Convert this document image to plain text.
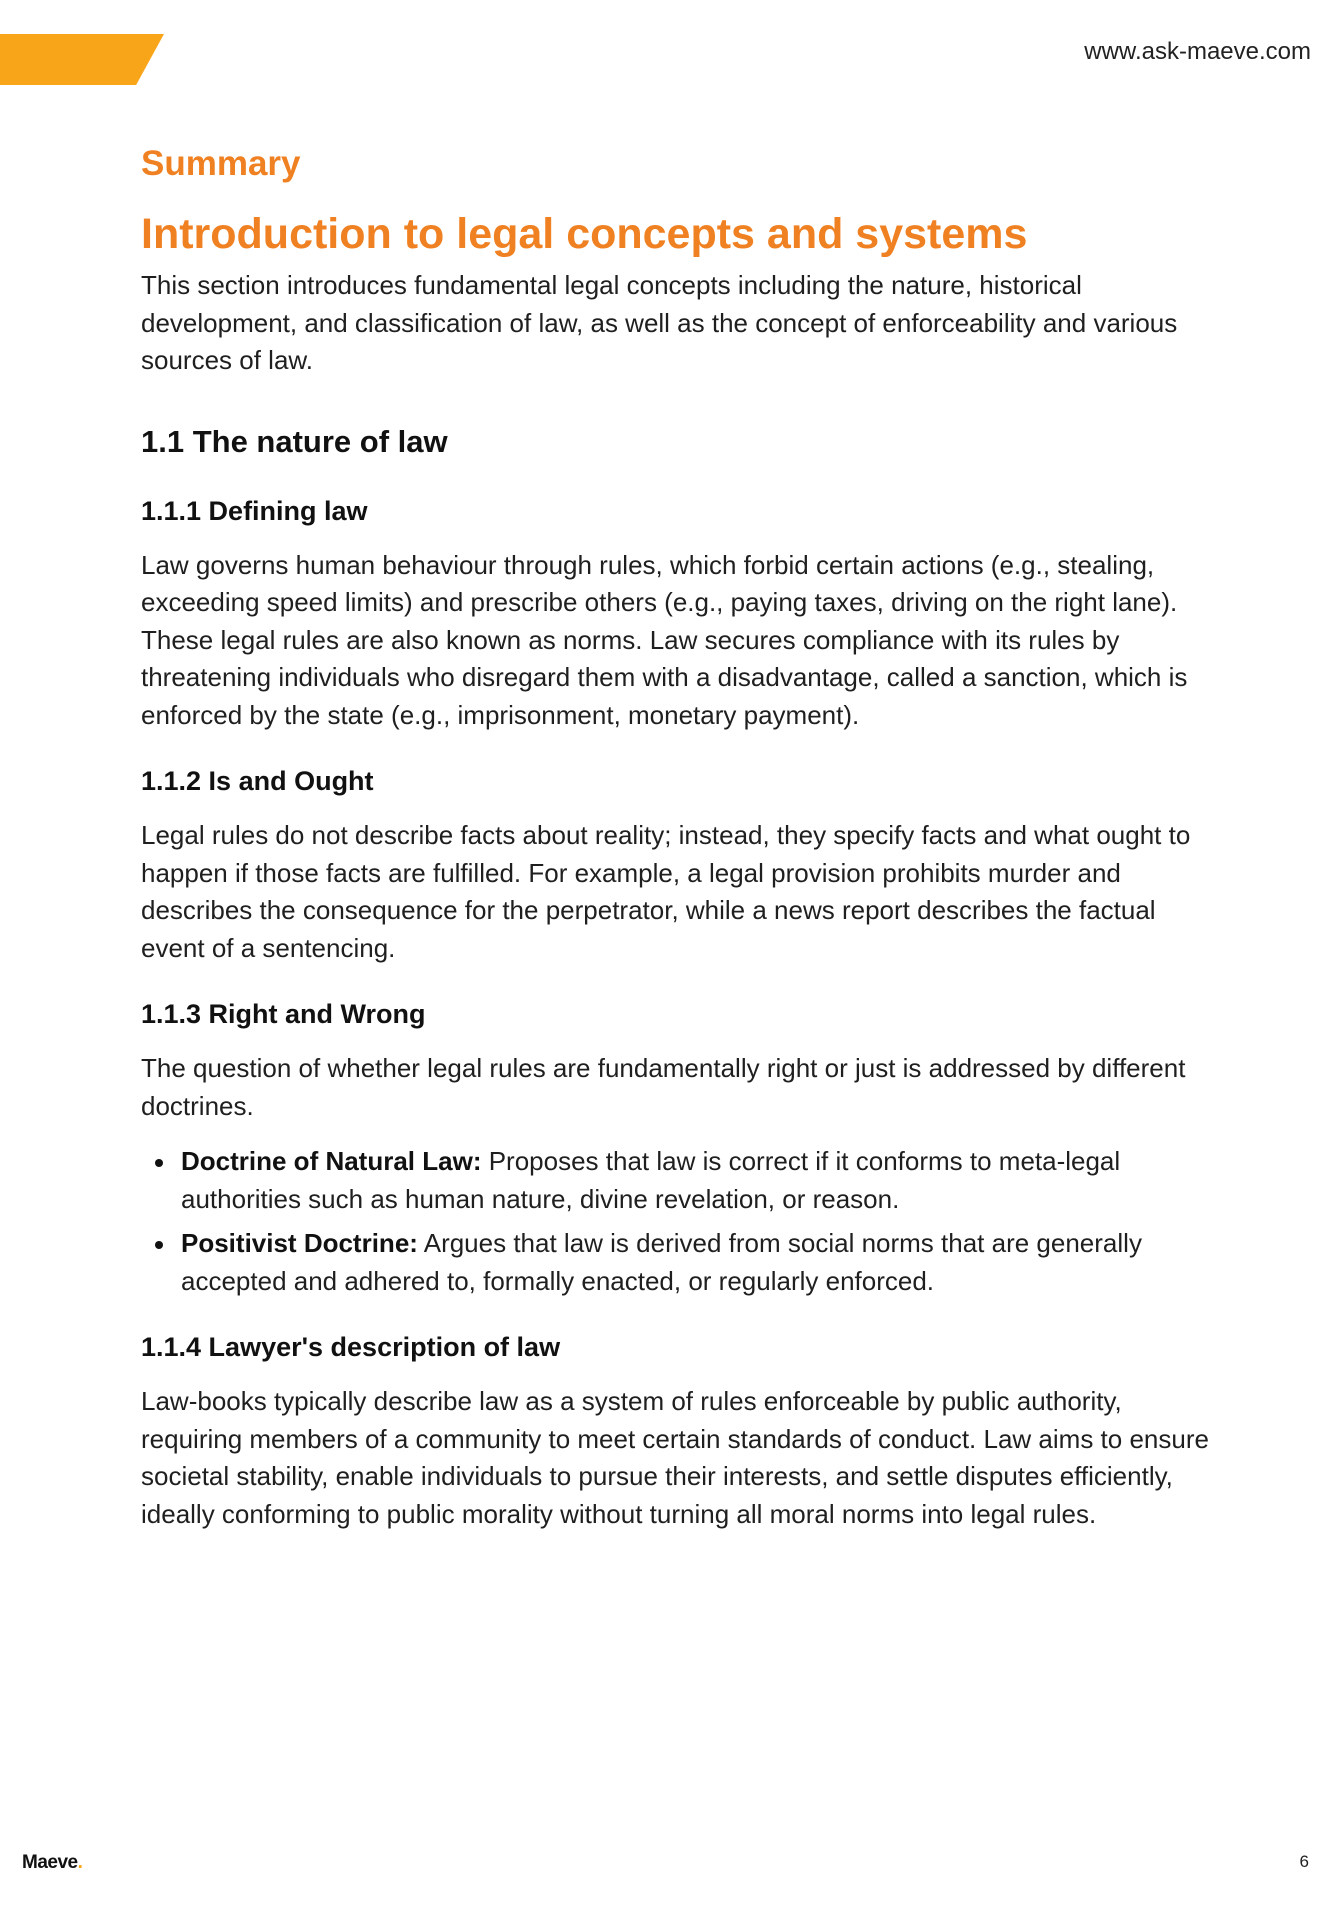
www.ask-maeve.com
Summary
Introduction to legal concepts and systems

This section introduces fundamental legal concepts including the nature, historical development, and classification of law, as well as the concept of enforceability and various sources of law.

1.1 The nature of law
1.1.1 Defining law

Law governs human behaviour through rules, which forbid certain actions (e.g., stealing, exceeding speed limits) and prescribe others (e.g., paying taxes, driving on the right lane). These legal rules are also known as norms. Law secures compliance with its rules by threatening individuals who disregard them with a disadvantage, called a sanction, which is enforced by the state (e.g., imprisonment, monetary payment).

1.1.2 Is and Ought

Legal rules do not describe facts about reality; instead, they specify facts and what ought to happen if those facts are fulfilled. For example, a legal provision prohibits murder and describes the consequence for the perpetrator, while a news report describes the factual event of a sentencing.

1.1.3 Right and Wrong

The question of whether legal rules are fundamentally right or just is addressed by different doctrines.

Doctrine of Natural Law: Proposes that law is correct if it conforms to meta-legal authorities such as human nature, divine revelation, or reason.
Positivist Doctrine: Argues that law is derived from social norms that are generally accepted and adhered to, formally enacted, or regularly enforced.
1.1.4 Lawyer's description of law

Law-books typically describe law as a system of rules enforceable by public authority, requiring members of a community to meet certain standards of conduct. Law aims to ensure societal stability, enable individuals to pursue their interests, and settle disputes efficiently, ideally conforming to public morality without turning all moral norms into legal rules.

Maeve.	6
